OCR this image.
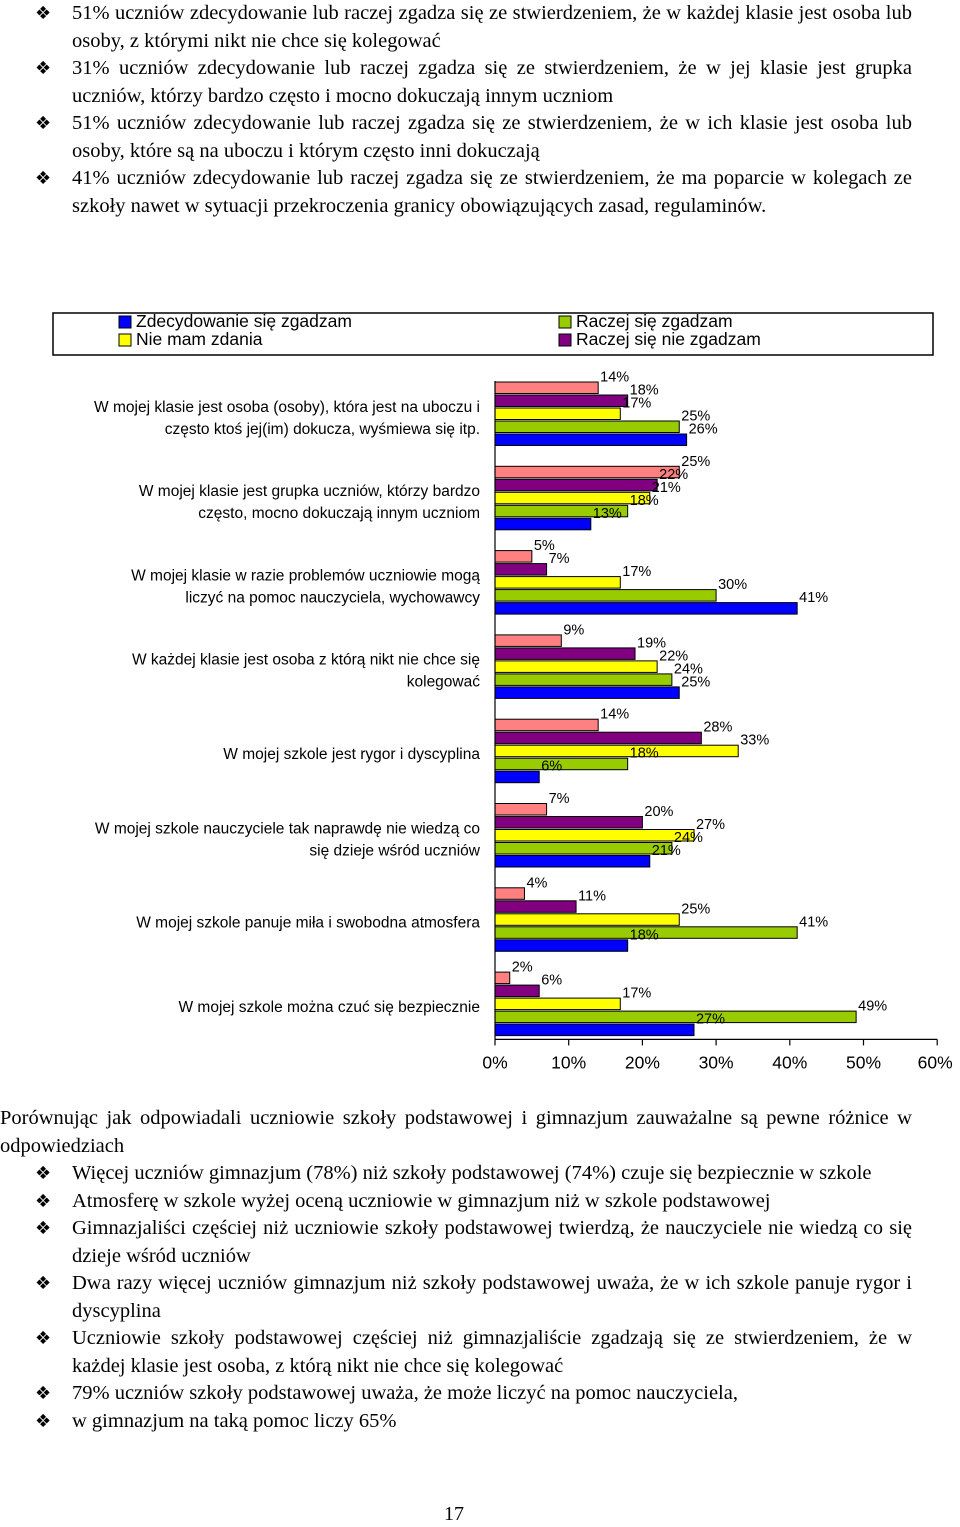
❖ 51% uczniów zdecydowanie lub raczej zgadza się ze stwierdzeniem, że w każdej klasie jest osoba lub osoby, z którymi nikt nie chce się kolegować
❖ 31% uczniów zdecydowanie lub raczej zgadza się ze stwierdzeniem, że w jej klasie jest grupka uczniów, którzy bardzo często i mocno dokuczają innym uczniom
❖ 51% uczniów zdecydowanie lub raczej zgadza się ze stwierdzeniem, że w ich klasie jest osoba lub osoby, które są na uboczu i którym często inni dokuczają
❖ 41% uczniów zdecydowanie lub raczej zgadza się ze stwierdzeniem, że ma poparcie w kolegach ze szkoły nawet w sytuacji przekroczenia granicy obowiązujących zasad, regulaminów.
Zdecydowanie się zgadzam	Raczej się zgadzam
Nie mam zdania	Raczej się nie zgadzam
W mojej klasie jest osoba (osoby), która jest na uboczu i
często ktoś jej(im) dokucza, wyśmiewa się itp.
W mojej klasie jest grupka uczniów, którzy bardzo
często, mocno dokuczają innym uczniom
W mojej klasie w razie problemów uczniowie mogą
liczyć na pomoc nauczyciela, wychowawcy
W każdej klasie jest osoba z którą nikt nie chce się
kolegować
W mojej szkole jest rygor i dyscyplina
W mojej szkole nauczyciele tak naprawdę nie wiedzą co
się dzieje wśród uczniów
W mojej szkole panuje miła i swobodna atmosfera
W mojej szkole można czuć się bezpiecznie
14%
18%
17%
25%
26%
25%
22%
21%
18%
13%
5%
7%
17%
30%
41%
9%
19%
22%
24%
25%
14%
28%
33%
18%
6%
7%
20%
27%
24%
21%
4%
11%
25%
41%
18%
2%
6%
17%
49%
27%
0% 10% 20% 30% 40% 50% 60%

Porównując jak odpowiadali uczniowie szkoły podstawowej i gimnazjum zauważalne są pewne różnice w odpowiedziach

❖ Więcej uczniów gimnazjum (78%) niż szkoły podstawowej (74%) czuje się bezpiecznie w szkole
❖ Atmosferę w szkole wyżej oceną uczniowie w gimnazjum niż w szkole podstawowej
❖ Gimnazjaliści częściej niż uczniowie szkoły podstawowej twierdzą, że nauczyciele nie wiedzą co się dzieje wśród uczniów
❖ Dwa razy więcej uczniów gimnazjum niż szkoły podstawowej uważa, że w ich szkole panuje rygor i dyscyplina
❖ Uczniowie szkoły podstawowej częściej niż gimnazjaliście zgadzają się ze stwierdzeniem, że w każdej klasie jest osoba, z którą nikt nie chce się kolegować
❖ 79% uczniów szkoły podstawowej uważa, że może liczyć na pomoc nauczyciela,
❖ w gimnazjum na taką pomoc liczy 65%
17
